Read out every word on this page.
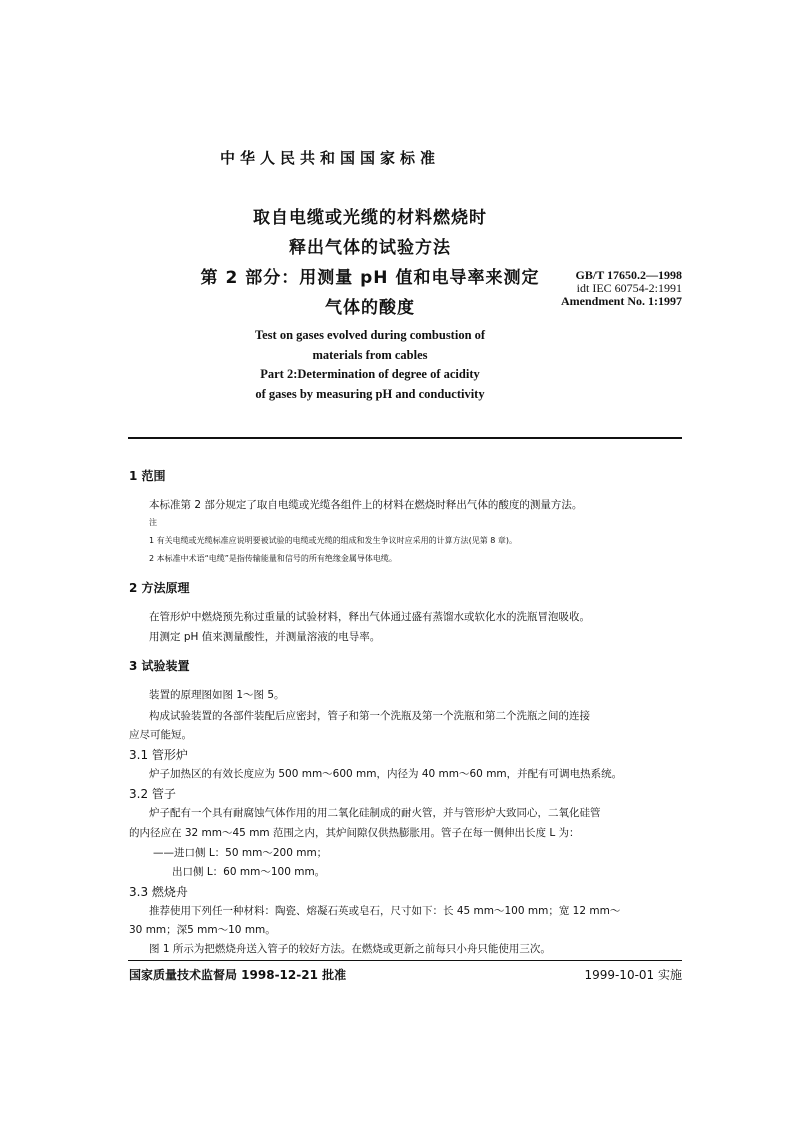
中华人民共和国国家标准
取自电缆或光缆的材料燃烧时
释出气体的试验方法
第 2 部分：用测量 pH 值和电导率来测定
气体的酸度
GB/T 17650.2—1998
idt IEC 60754-2:1991
Amendment No. 1:1997
Test on gases evolved during combustion of
materials from cables
Part 2:Determination of degree of acidity
of gases by measuring pH and conductivity
1 范围
本标准第 2 部分规定了取自电缆或光缆各组件上的材料在燃烧时释出气体的酸度的测量方法。
注
1 有关电缆或光缆标准应说明要被试验的电缆或光缆的组成和发生争议时应采用的计算方法(见第 8 章)。
2 本标准中术语“电缆”是指传输能量和信号的所有绝缘金属导体电缆。
2 方法原理
在管形炉中燃烧预先称过重量的试验材料，释出气体通过盛有蒸馏水或软化水的洗瓶冒泡吸收。
用测定 pH 值来测量酸性，并测量溶液的电导率。
3 试验装置
装置的原理图如图 1～图 5。
构成试验装置的各部件装配后应密封，管子和第一个洗瓶及第一个洗瓶和第二个洗瓶之间的连接
应尽可能短。
3.1 管形炉
炉子加热区的有效长度应为 500 mm～600 mm，内径为 40 mm～60 mm，并配有可调电热系统。
3.2 管子
炉子配有一个具有耐腐蚀气体作用的用二氧化硅制成的耐火管，并与管形炉大致同心，二氧化硅管
的内径应在 32 mm～45 mm 范围之内，其炉间隙仅供热膨胀用。管子在每一侧伸出长度 L 为：
——进口侧 L：50 mm～200 mm；
出口侧 L：60 mm～100 mm。
3.3 燃烧舟
推荐使用下列任一种材料：陶瓷、熔凝石英或皂石，尺寸如下：长 45 mm～100 mm；宽 12 mm～
30 mm；深5 mm～10 mm。
图 1 所示为把燃烧舟送入管子的较好方法。在燃烧或更新之前每只小舟只能使用三次。
国家质量技术监督局 1998-12-21 批准	1999-10-01 实施
